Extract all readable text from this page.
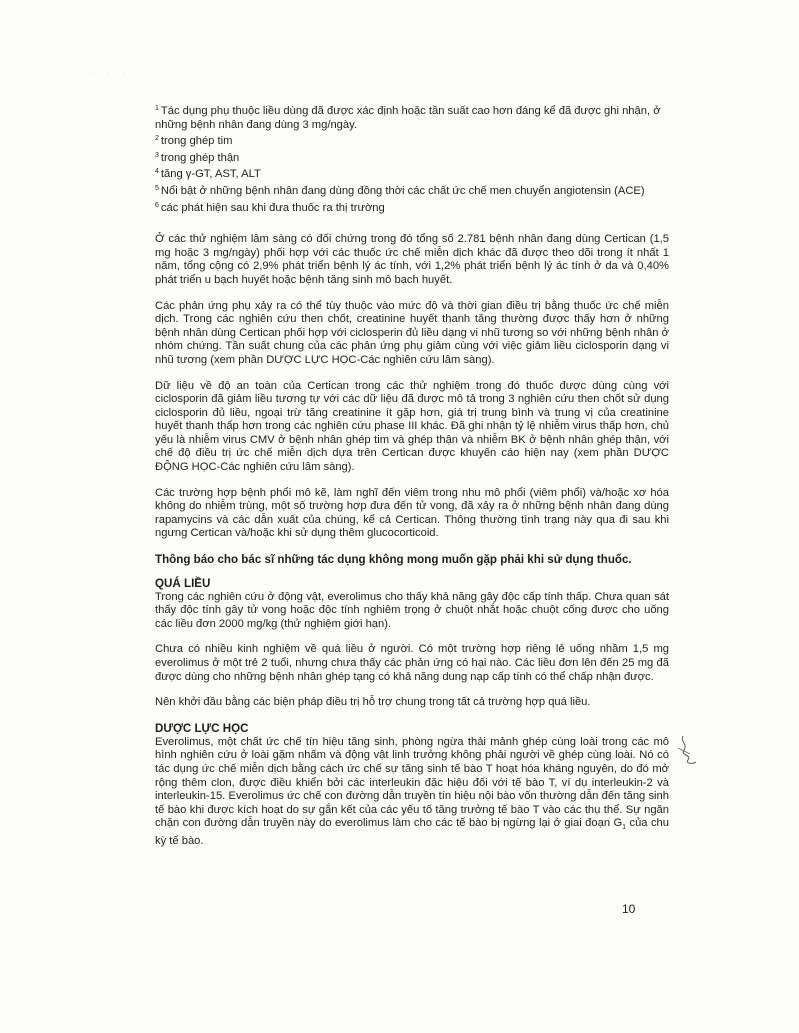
· · ·

$^1$ Tác dụng phụ thuộc liều dùng đã được xác định hoặc tần suất cao hơn đáng kể đã được ghi nhận, ở những bệnh nhân đang dùng 3 mg/ngày.

$^2$ trong ghép tim

$^3$ trong ghép thận

$^4$ tăng γ-GT, AST, ALT

$^5$ Nổi bật ở những bệnh nhân đang dùng đồng thời các chất ức chế men chuyển angiotensin (ACE)

$^6$ các phát hiện sau khi đưa thuốc ra thị trường

Ở các thử nghiệm lâm sàng có đối chứng trong đó tổng số 2.781 bệnh nhân đang dùng Certican (1,5 mg hoặc 3 mg/ngày) phối hợp với các thuốc ức chế miễn dịch khác đã được theo dõi trong ít nhất 1 năm, tổng cộng có 2,9% phát triển bệnh lý ác tính, với 1,2% phát triển bệnh lý ác tính ở da và 0,40% phát triển u bạch huyết hoặc bệnh tăng sinh mô bạch huyết.

Các phản ứng phụ xảy ra có thể tùy thuộc vào mức độ và thời gian điều trị bằng thuốc ức chế miễn dịch. Trong các nghiên cứu then chốt, creatinine huyết thanh tăng thường được thấy hơn ở những bệnh nhân dùng Certican phối hợp với ciclosperin đủ liều dạng vi nhũ tương so với những bệnh nhân ở nhóm chứng. Tần suất chung của các phản ứng phụ giảm cùng với việc giảm liều ciclosporin dạng vi nhũ tương (xem phần DƯỢC LỰC HỌC-Các nghiên cứu lâm sàng).

Dữ liệu về độ an toàn của Certican trong các thử nghiệm trong đó thuốc được dùng cùng với ciclosporin đã giảm liều tương tự với các dữ liệu đã được mô tả trong 3 nghiên cứu then chốt sử dụng ciclosporin đủ liều, ngoại trừ tăng creatinine ít gặp hơn, giá trị trung bình và trung vị của creatinine huyết thanh thấp hơn trong các nghiên cứu phase III khác. Đã ghi nhận tỷ lệ nhiễm virus thấp hơn, chủ yếu là nhiễm virus CMV ở bệnh nhân ghép tim và ghép thận và nhiễm BK ở bệnh nhân ghép thận, với chế độ điều trị ức chế miễn dịch dựa trên Certican được khuyến cáo hiện nay (xem phần DƯỢC ĐỘNG HỌC-Các nghiên cứu lâm sàng).

Các trường hợp bệnh phổi mô kẽ, làm nghĩ đến viêm trong nhu mô phổi (viêm phổi) và/hoặc xơ hóa không do nhiễm trùng, một số trường hợp đưa đến tử vong, đã xảy ra ở những bệnh nhân đang dùng rapamycins và các dẫn xuất của chúng, kể cả Certican. Thông thường tình trạng này qua đi sau khi ngưng Certican và/hoặc khi sử dụng thêm glucocorticoid.

Thông báo cho bác sĩ những tác dụng không mong muốn gặp phải khi sử dụng thuốc.

QUÁ LIỀU

Trong các nghiên cứu ở động vật, everolimus cho thấy khả năng gây độc cấp tính thấp. Chưa quan sát thấy độc tính gây tử vong hoặc độc tính nghiêm trọng ở chuột nhắt hoặc chuột cống được cho uống các liều đơn 2000 mg/kg (thử nghiệm giới hạn).

Chưa có nhiều kinh nghiệm về quá liều ở người. Có một trường hợp riêng lẻ uống nhầm 1,5 mg everolimus ở một trẻ 2 tuổi, nhưng chưa thấy các phản ứng có hại nào. Các liều đơn lên đến 25 mg đã được dùng cho những bệnh nhân ghép tạng có khả năng dung nạp cấp tính có thể chấp nhận được.

Nên khởi đầu bằng các biện pháp điều trị hỗ trợ chung trong tất cả trường hợp quá liều.

DƯỢC LỰC HỌC

Everolimus, một chất ức chế tín hiệu tăng sinh, phòng ngừa thải mảnh ghép cùng loài trong các mô hình nghiên cứu ở loài gặm nhấm và động vật linh trưởng không phải người về ghép cùng loài. Nó có tác dụng ức chế miễn dịch bằng cách ức chế sự tăng sinh tế bào T hoạt hóa kháng nguyên, do đó mở rộng thêm clon, được điều khiển bởi các interleukin đặc hiệu đối với tế bào T, ví dụ interleukin-2 và interleukin-15. Everolimus ức chế con đường dẫn truyền tín hiệu nội bào vốn thường dẫn đến tăng sinh tế bào khi được kích hoạt do sự gắn kết của các yếu tố tăng trưởng tế bào T vào các thụ thể. Sự ngăn chặn con đường dẫn truyền này do everolimus làm cho các tế bào bị ngừng lại ở giai đoạn $G_1$ của chu kỳ tế bào.

10
